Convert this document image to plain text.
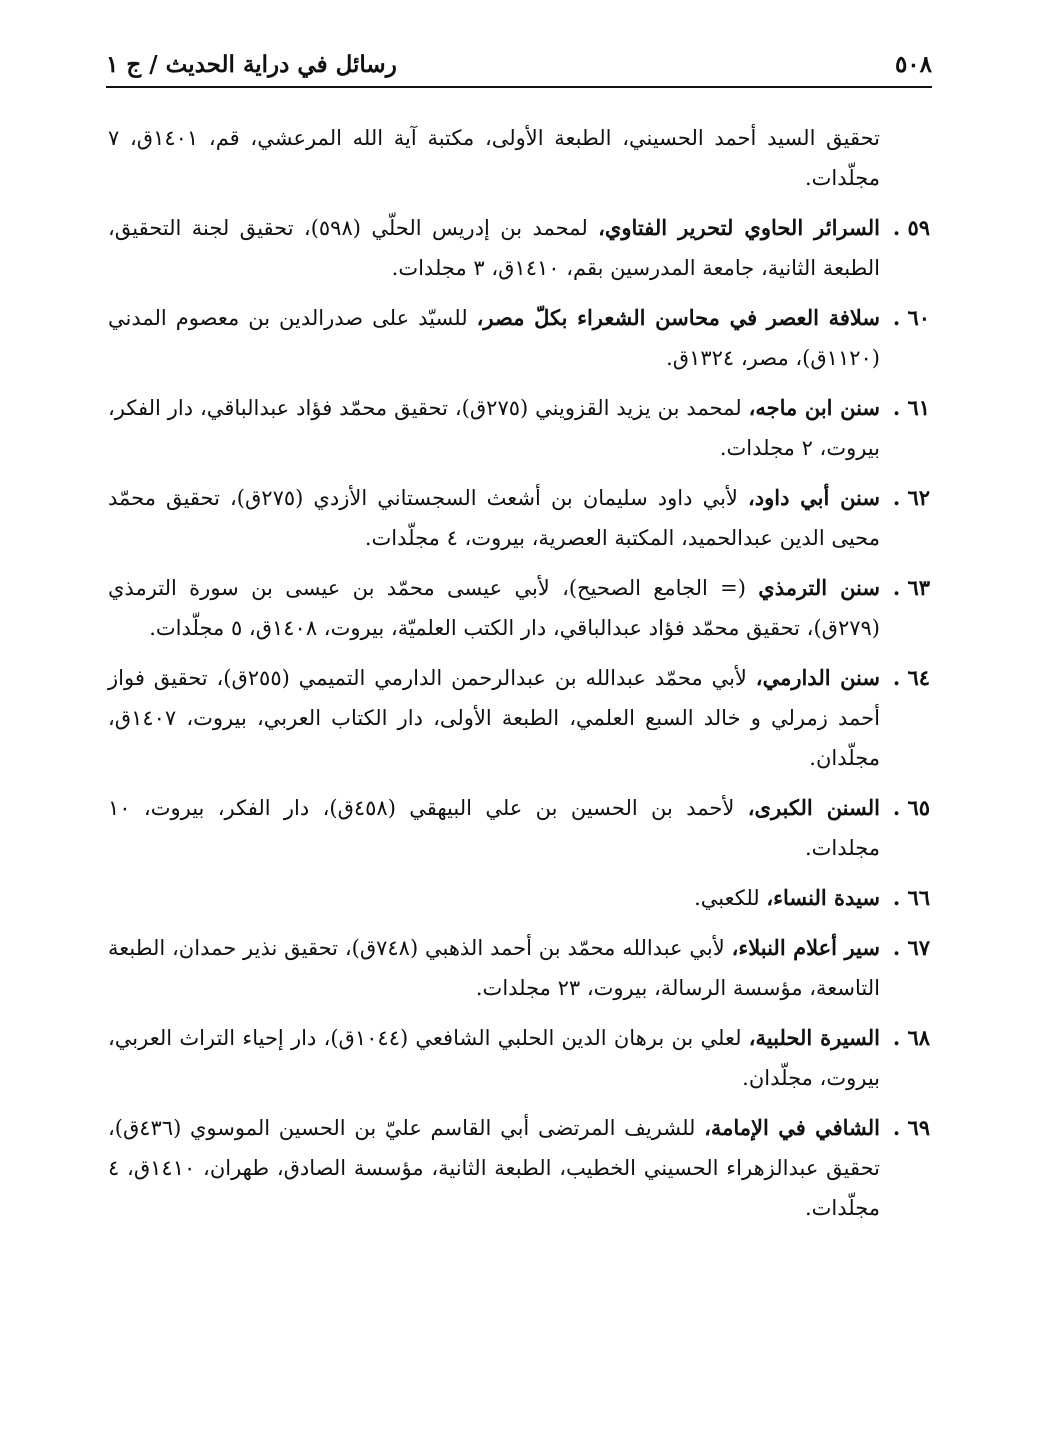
٥٠٨
رسائل في دراية الحديث / ج ١

تحقيق السيد أحمد الحسيني، الطبعة الأولى، مكتبة آية الله المرعشي، قم، ١٤٠١ق، ٧ مجلّدات.

٥٩ .
السرائر الحاوي لتحرير الفتاوي، لمحمد بن إدريس الحلّي (٥٩٨)، تحقيق لجنة التحقيق، الطبعة الثانية، جامعة المدرسين بقم، ١٤١٠ق، ٣ مجلدات.

٦٠ .
سلافة العصر في محاسن الشعراء بكلّ مصر، للسيّد على صدرالدين بن معصوم المدني (١١٢٠ق)، مصر، ١٣٢٤ق.

٦١ .
سنن ابن ماجه، لمحمد بن يزيد القزويني (٢٧٥ق)، تحقيق محمّد فؤاد عبدالباقي، دار الفكر، بيروت، ٢ مجلدات.

٦٢ .
سنن أبي داود، لأبي داود سليمان بن أشعث السجستاني الأزدي (٢٧٥ق)، تحقيق محمّد محيى الدين عبدالحميد، المكتبة العصرية، بيروت، ٤ مجلّدات.

٦٣ .
سنن الترمذي (= الجامع الصحيح)، لأبي عيسى محمّد بن عيسى بن سورة الترمذي (٢٧٩ق)، تحقيق محمّد فؤاد عبدالباقي، دار الكتب العلميّة، بيروت، ١٤٠٨ق، ٥ مجلّدات.

٦٤ .
سنن الدارمي، لأبي محمّد عبدالله بن عبدالرحمن الدارمي التميمي (٢٥٥ق)، تحقيق فواز أحمد زمرلي و خالد السبع العلمي، الطبعة الأولى، دار الكتاب العربي، بيروت، ١٤٠٧ق، مجلّدان.

٦٥ .
السنن الكبرى، لأحمد بن الحسين بن علي البيهقي (٤٥٨ق)، دار الفكر، بيروت، ١٠ مجلدات.

٦٦ .
سيدة النساء، للكعبي.

٦٧ .
سير أعلام النبلاء، لأبي عبدالله محمّد بن أحمد الذهبي (٧٤٨ق)، تحقيق نذير حمدان، الطبعة التاسعة، مؤسسة الرسالة، بيروت، ٢٣ مجلدات.

٦٨ .
السيرة الحلبية، لعلي بن برهان الدين الحلبي الشافعي (١٠٤٤ق)، دار إحياء التراث العربي، بيروت، مجلّدان.

٦٩ .
الشافي في الإمامة، للشريف المرتضى أبي القاسم عليّ بن الحسين الموسوي (٤٣٦ق)، تحقيق عبدالزهراء الحسيني الخطيب، الطبعة الثانية، مؤسسة الصادق، طهران، ١٤١٠ق، ٤ مجلّدات.
